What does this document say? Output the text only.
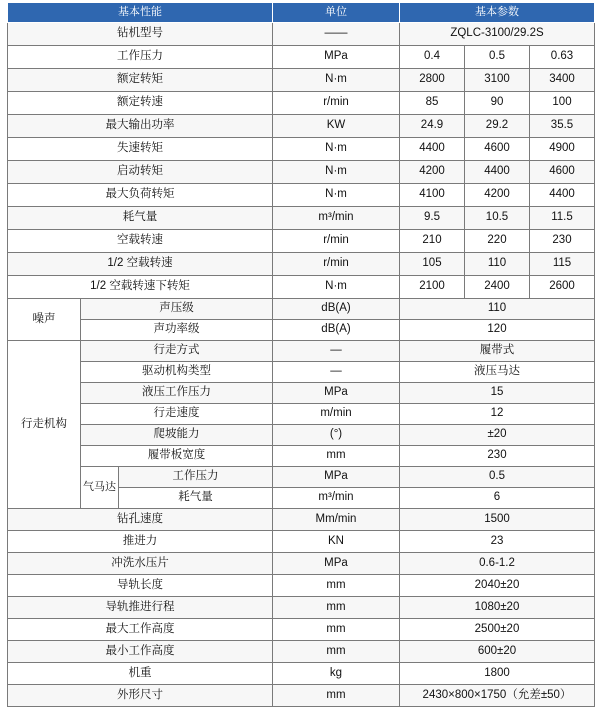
基本性能			单位	基本参数		
钻机型号			——	ZQLC-3100/29.2S		
工作压力			MPa	0.4	0.5	0.63
额定转矩			N·m	2800	3100	3400
额定转速			r/min	85	90	100
最大输出功率			KW	24.9	29.2	35.5
失速转矩			N·m	4400	4600	4900
启动转矩			N·m	4200	4400	4600
最大负荷转矩			N·m	4100	4200	4400
耗气量			m³/min	9.5	10.5	11.5
空载转速			r/min	210	220	230
1/2 空载转速			r/min	105	110	115
1/2 空载转速下转矩			N·m	2100	2400	2600
噪声	声压级		dB(A)	110		
	声功率级		dB(A)	120		
行走机构	行走方式		—	履带式		
	驱动机构类型		—	液压马达		
	液压工作压力		MPa	15		
	行走速度		m/min	12		
	爬坡能力		(°)	±20		
	履带板宽度		mm	230		
	气马达	工作压力	MPa	0.5		
		耗气量	m³/min	6		
钻孔速度			Mm/min	1500		
推进力			KN	23		
冲洗水压片			MPa	0.6-1.2		
导轨长度			mm	2040±20		
导轨推进行程			mm	1080±20		
最大工作高度			mm	2500±20		
最小工作高度			mm	600±20		
机重			kg	1800		
外形尺寸			mm	2430×800×1750（允差±50）		
